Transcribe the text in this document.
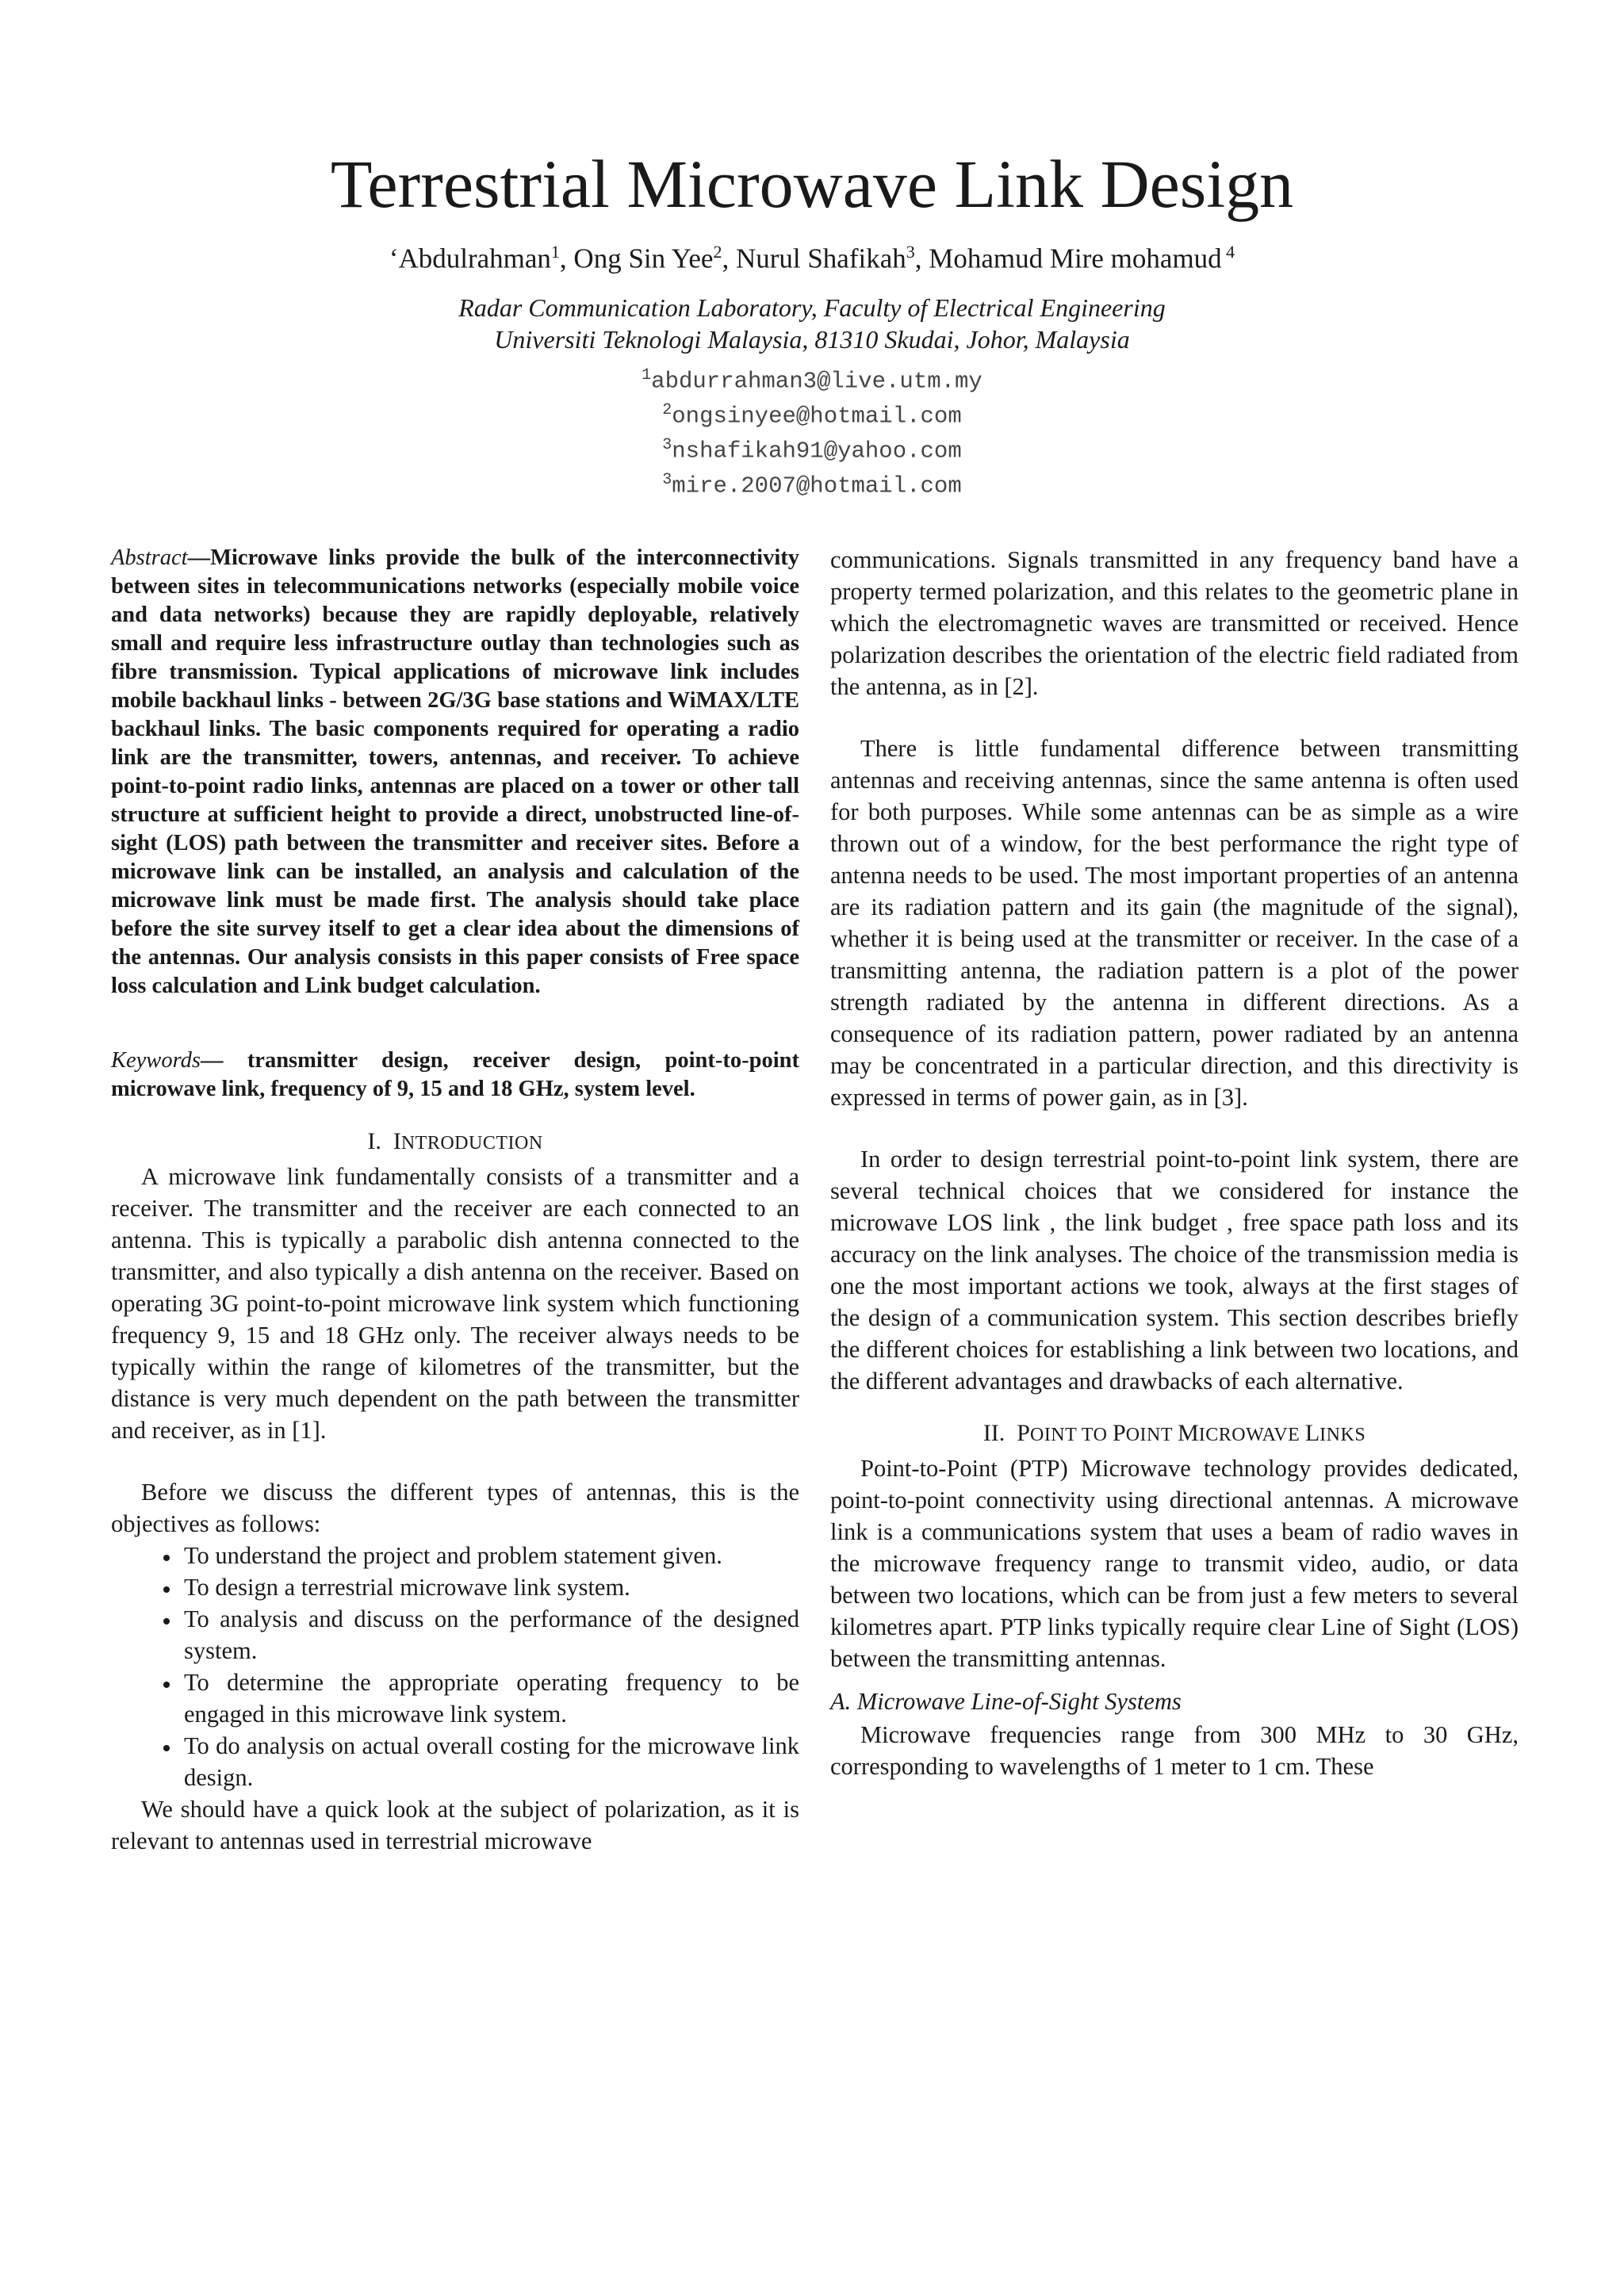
Terrestrial Microwave Link Design
‘Abdulrahman$^1$, Ong Sin Yee$^2$, Nurul Shafikah$^3$, Mohamud Mire mohamud $^4$
Radar Communication Laboratory, Faculty of Electrical Engineering
Universiti Teknologi Malaysia, 81310 Skudai, Johor, Malaysia
$^1$abdurrahman3@live.utm.my
$^2$ongsinyee@hotmail.com
$^3$nshafikah91@yahoo.com
$^3$mire.2007@hotmail.com

Abstract—Microwave links provide the bulk of the interconnectivity between sites in telecommunications networks (especially mobile voice and data networks) because they are rapidly deployable, relatively small and require less infrastructure outlay than technologies such as fibre transmission. Typical applications of microwave link includes mobile backhaul links - between 2G/3G base stations and WiMAX/LTE backhaul links. The basic components required for operating a radio link are the transmitter, towers, antennas, and receiver. To achieve point-to-point radio links, antennas are placed on a tower or other tall structure at sufficient height to provide a direct, unobstructed line-of-sight (LOS) path between the transmitter and receiver sites. Before a microwave link can be installed, an analysis and calculation of the microwave link must be made first. The analysis should take place before the site survey itself to get a clear idea about the dimensions of the antennas. Our analysis consists in this paper consists of Free space loss calculation and Link budget calculation.

Keywords— transmitter design, receiver design, point-to-point microwave link, frequency of 9, 15 and 18 GHz, system level.

I. INTRODUCTION

A microwave link fundamentally consists of a transmitter and a receiver. The transmitter and the receiver are each connected to an antenna. This is typically a parabolic dish antenna connected to the transmitter, and also typically a dish antenna on the receiver. Based on operating 3G point-to-point microwave link system which functioning frequency 9, 15 and 18 GHz only. The receiver always needs to be typically within the range of kilometres of the transmitter, but the distance is very much dependent on the path between the transmitter and receiver, as in [1].

Before we discuss the different types of antennas, this is the objectives as follows:

• To understand the project and problem statement given.
• To design a terrestrial microwave link system.
• To analysis and discuss on the performance of the designed system.
• To determine the appropriate operating frequency to be engaged in this microwave link system.
• To do analysis on actual overall costing for the microwave link design.

We should have a quick look at the subject of polarization, as it is relevant to antennas used in terrestrial microwave

communications. Signals transmitted in any frequency band have a property termed polarization, and this relates to the geometric plane in which the electromagnetic waves are transmitted or received. Hence polarization describes the orientation of the electric field radiated from the antenna, as in [2].

There is little fundamental difference between transmitting antennas and receiving antennas, since the same antenna is often used for both purposes. While some antennas can be as simple as a wire thrown out of a window, for the best performance the right type of antenna needs to be used. The most important properties of an antenna are its radiation pattern and its gain (the magnitude of the signal), whether it is being used at the transmitter or receiver. In the case of a transmitting antenna, the radiation pattern is a plot of the power strength radiated by the antenna in different directions. As a consequence of its radiation pattern, power radiated by an antenna may be concentrated in a particular direction, and this directivity is expressed in terms of power gain, as in [3].

In order to design terrestrial point-to-point link system, there are several technical choices that we considered for instance the microwave LOS link , the link budget , free space path loss and its accuracy on the link analyses. The choice of the transmission media is one the most important actions we took, always at the first stages of the design of a communication system. This section describes briefly the different choices for establishing a link between two locations, and the different advantages and drawbacks of each alternative.

II. POINT TO POINT MICROWAVE LINKS

Point-to-Point (PTP) Microwave technology provides dedicated, point-to-point connectivity using directional antennas. A microwave link is a communications system that uses a beam of radio waves in the microwave frequency range to transmit video, audio, or data between two locations, which can be from just a few meters to several kilometres apart. PTP links typically require clear Line of Sight (LOS) between the transmitting antennas.

A. Microwave Line-of-Sight Systems

Microwave frequencies range from 300 MHz to 30 GHz, corresponding to wavelengths of 1 meter to 1 cm. These
